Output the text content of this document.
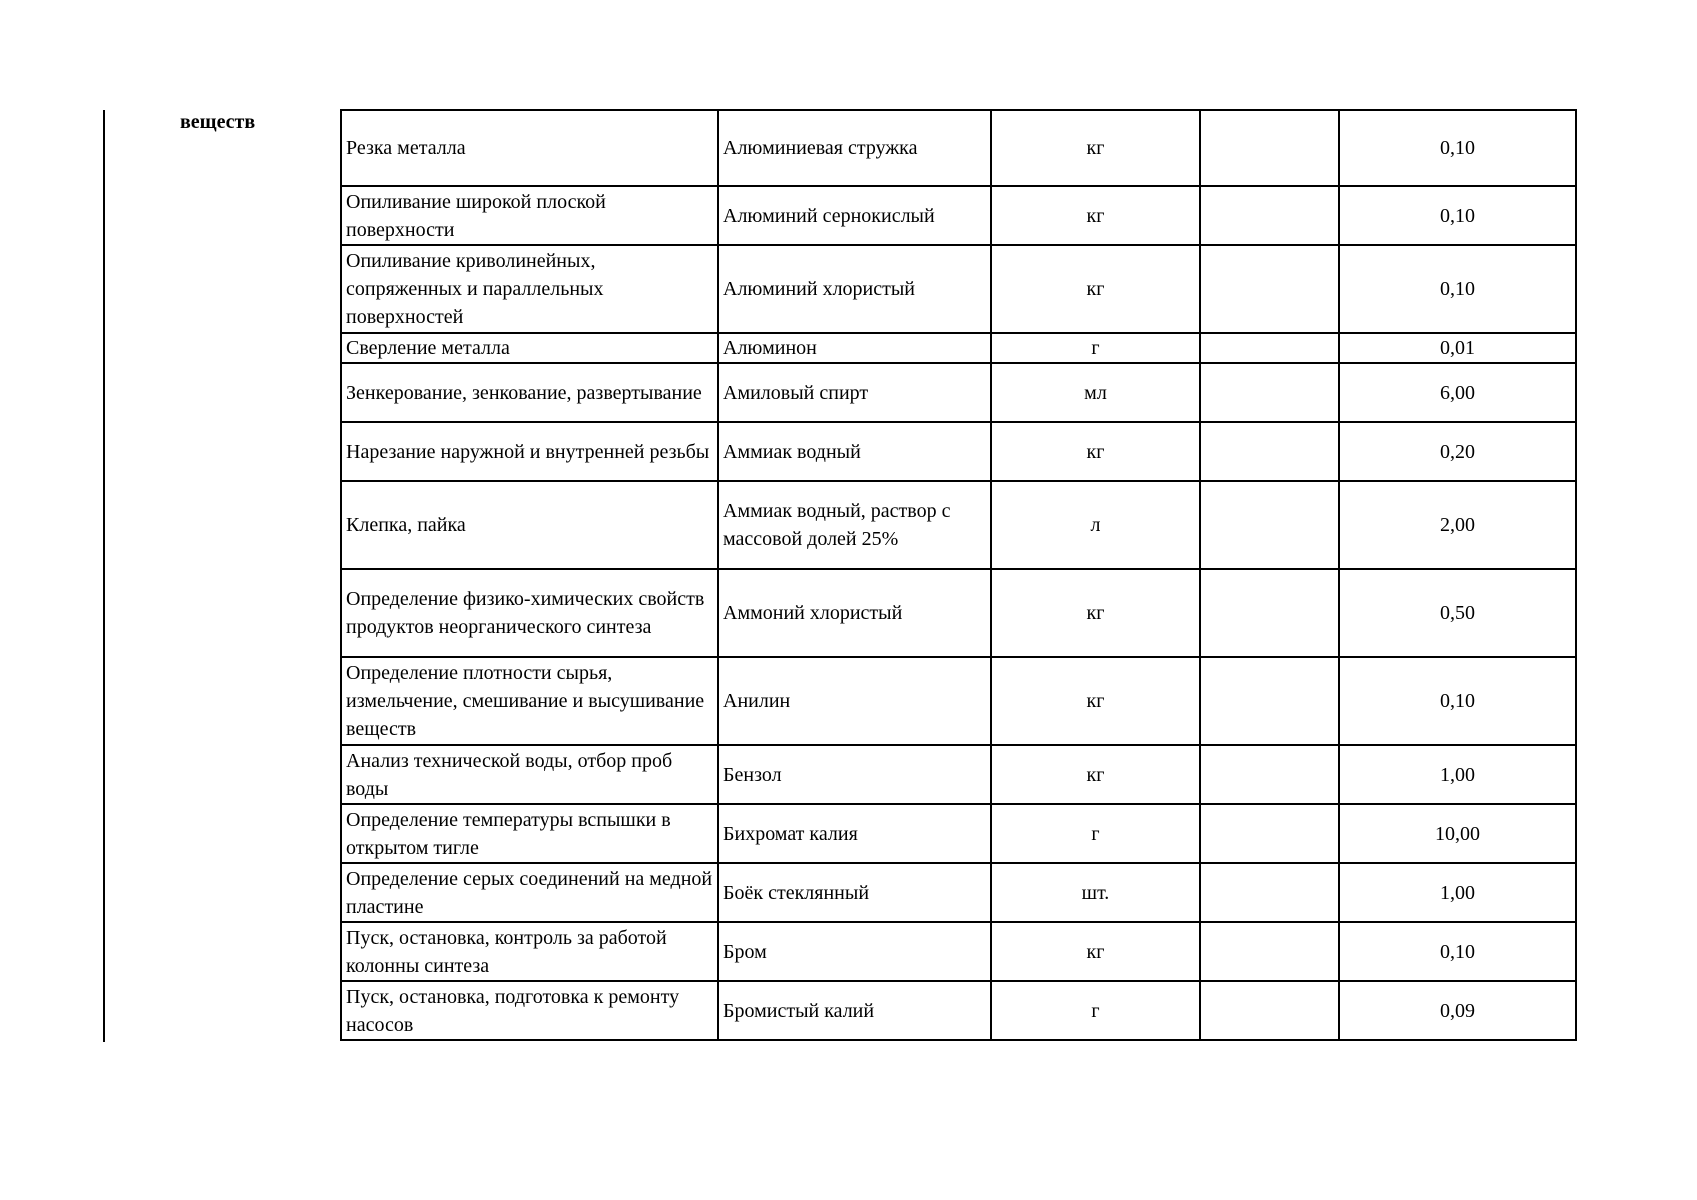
веществ
Резка металла	Алюминиевая стружка	кг		0,10
Опиливание широкой плоской поверхности	Алюминий сернокислый	кг		0,10
Опиливание криволинейных, сопряженных и параллельных поверхностей	Алюминий хлористый	кг		0,10
Сверление металла	Алюминон	г		0,01
Зенкерование, зенкование, развертывание	Амиловый спирт	мл		6,00
Нарезание наружной и внутренней резьбы	Аммиак водный	кг		0,20
Клепка, пайка	Аммиак водный, раствор с массовой долей 25%	л		2,00
Определение физико-химических свойств продуктов неорганического синтеза	Аммоний хлористый	кг		0,50
Определение плотности сырья, измельчение, смешивание и высушивание веществ	Анилин	кг		0,10
Анализ технической воды, отбор проб воды	Бензол	кг		1,00
Определение температуры вспышки в открытом тигле	Бихромат калия	г		10,00
Определение серых соединений на медной пластине	Боёк стеклянный	шт.		1,00
Пуск, остановка, контроль за работой колонны синтеза	Бром	кг		0,10
Пуск, остановка, подготовка к ремонту насосов	Бромистый калий	г		0,09
